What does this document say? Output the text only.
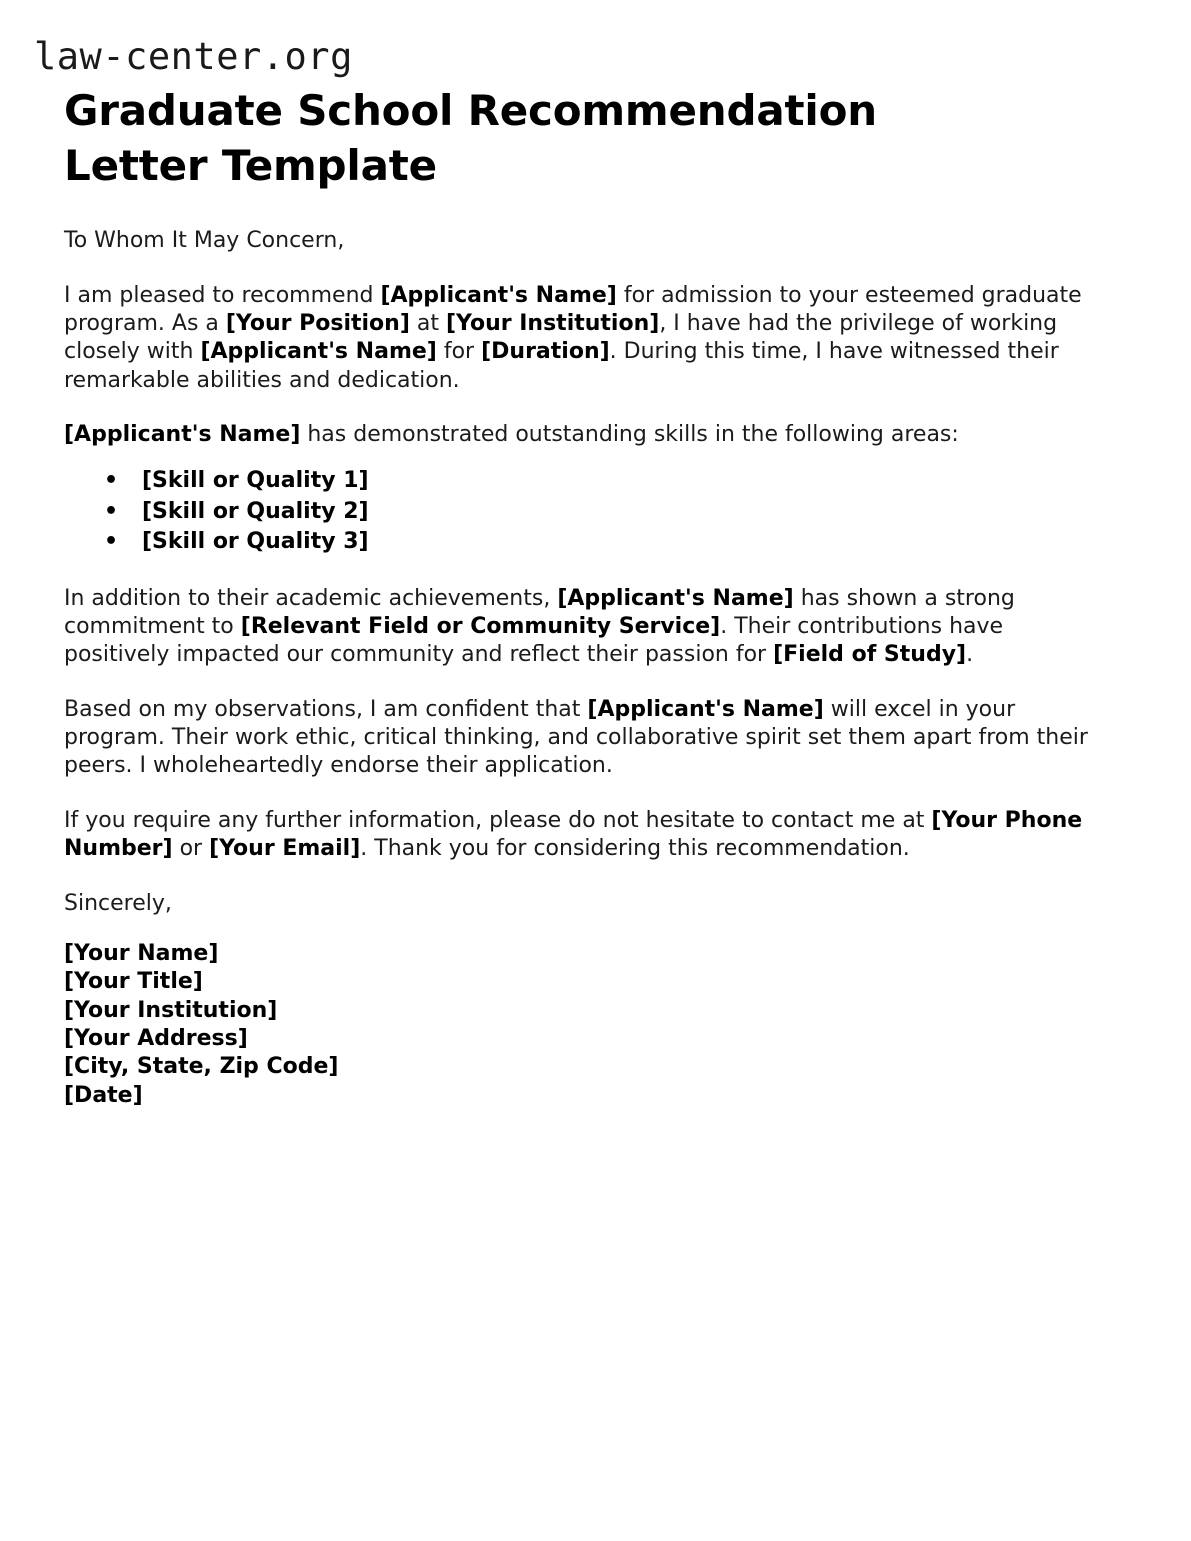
law-center.org
Graduate School Recommendation Letter Template

To Whom It May Concern,

I am pleased to recommend [Applicant's Name] for admission to your esteemed graduate program. As a [Your Position] at [Your Institution], I have had the privilege of working closely with [Applicant's Name] for [Duration]. During this time, I have witnessed their remarkable abilities and dedication.

[Applicant's Name] has demonstrated outstanding skills in the following areas:

• [Skill or Quality 1]
• [Skill or Quality 2]
• [Skill or Quality 3]

In addition to their academic achievements, [Applicant's Name] has shown a strong commitment to [Relevant Field or Community Service]. Their contributions have positively impacted our community and reflect their passion for [Field of Study].

Based on my observations, I am confident that [Applicant's Name] will excel in your program. Their work ethic, critical thinking, and collaborative spirit set them apart from their peers. I wholeheartedly endorse their application.

If you require any further information, please do not hesitate to contact me at [Your Phone Number] or [Your Email]. Thank you for considering this recommendation.

Sincerely,

[Your Name]
[Your Title]
[Your Institution]
[Your Address]
[City, State, Zip Code]
[Date]
